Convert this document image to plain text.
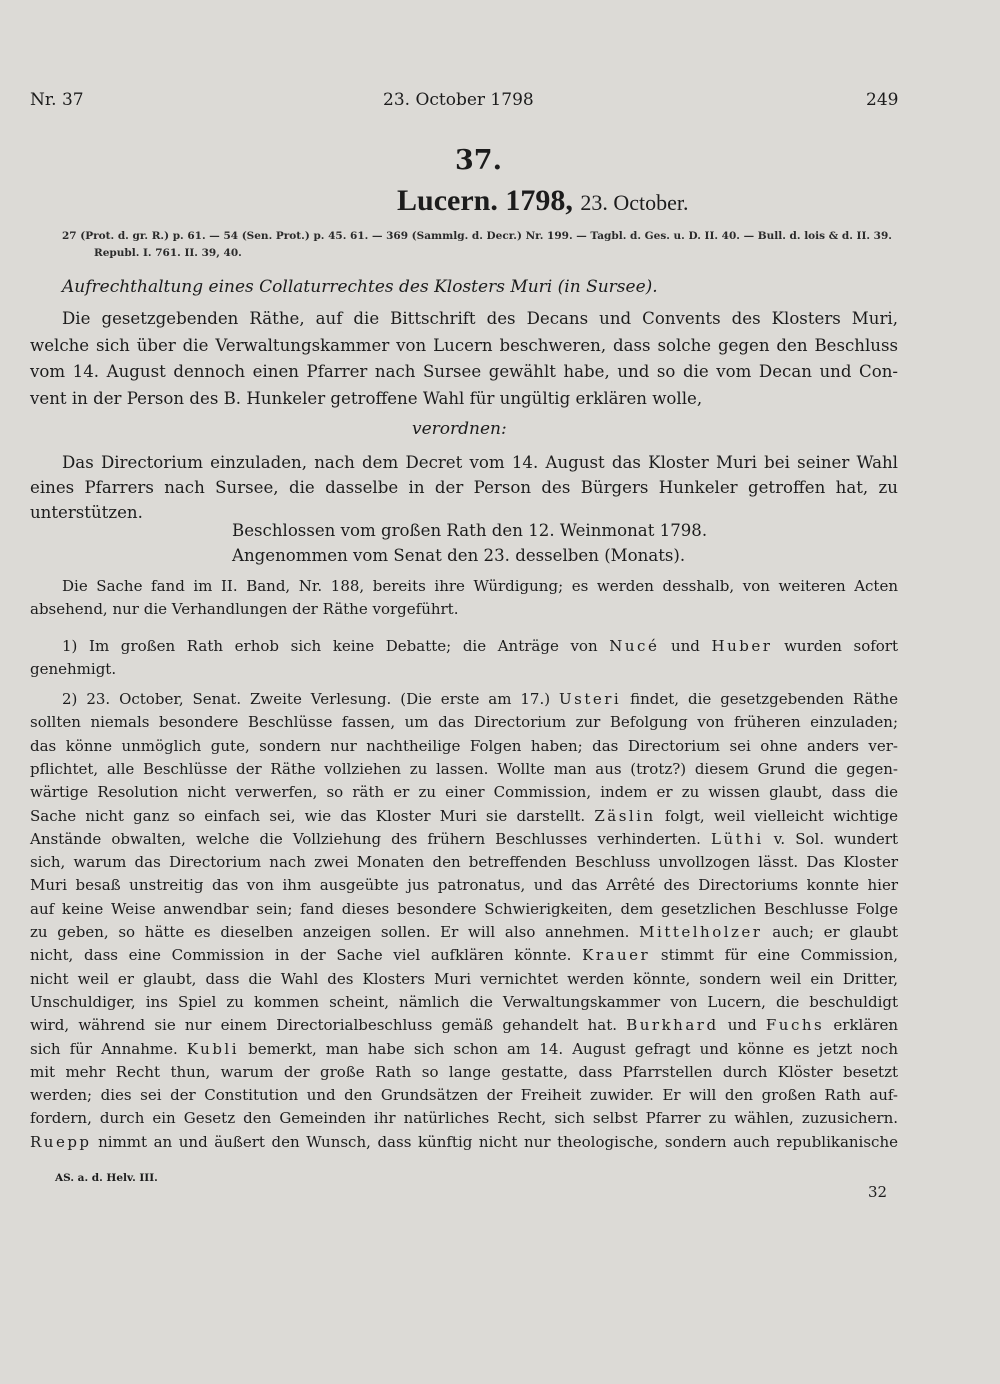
Nr. 37	23. October 1798	249
37.
Lucern. 1798, 23. October.
27 (Prot. d. gr. R.) p. 61. — 54 (Sen. Prot.) p. 45. 61. — 369 (Sammlg. d. Decr.) Nr. 199. — Tagbl. d. Ges. u. D. II. 40. — Bull. d. lois & d. II. 39.
Republ. I. 761. II. 39, 40.
Aufrechthaltung eines Collaturrechtes des Klosters Muri (in Sursee).
Die gesetzgebenden Räthe, auf die Bittschrift des Decans und Convents des Klosters Muri,
welche sich über die Verwaltungskammer von Lucern beschweren, dass solche gegen den Beschluss
vom 14. August dennoch einen Pfarrer nach Sursee gewählt habe, und so die vom Decan und Con-
vent in der Person des B. Hunkeler getroffene Wahl für ungültig erklären wolle,
verordnen:
Das Directorium einzuladen, nach dem Decret vom 14. August das Kloster Muri bei seiner Wahl
eines Pfarrers nach Sursee, die dasselbe in der Person des Bürgers Hunkeler getroffen hat, zu
unterstützen.
Beschlossen vom großen Rath den 12. Weinmonat 1798.
Angenommen vom Senat den 23. desselben (Monats).
Die Sache fand im II. Band, Nr. 188, bereits ihre Würdigung; es werden desshalb, von weiteren Acten
absehend, nur die Verhandlungen der Räthe vorgeführt.
1) Im großen Rath erhob sich keine Debatte; die Anträge von Nucé und Huber wurden sofort
genehmigt.
2) 23. October, Senat. Zweite Verlesung. (Die erste am 17.) Usteri findet, die gesetzgebenden Räthe
sollten niemals besondere Beschlüsse fassen, um das Directorium zur Befolgung von früheren einzuladen;
das könne unmöglich gute, sondern nur nachtheilige Folgen haben; das Directorium sei ohne anders ver-
pflichtet, alle Beschlüsse der Räthe vollziehen zu lassen. Wollte man aus (trotz?) diesem Grund die gegen-
wärtige Resolution nicht verwerfen, so räth er zu einer Commission, indem er zu wissen glaubt, dass die
Sache nicht ganz so einfach sei, wie das Kloster Muri sie darstellt. Zäslin folgt, weil vielleicht wichtige
Anstände obwalten, welche die Vollziehung des frühern Beschlusses verhinderten. Lüthi v. Sol. wundert
sich, warum das Directorium nach zwei Monaten den betreffenden Beschluss unvollzogen lässt. Das Kloster
Muri besaß unstreitig das von ihm ausgeübte jus patronatus, und das Arrêté des Directoriums konnte hier
auf keine Weise anwendbar sein; fand dieses besondere Schwierigkeiten, dem gesetzlichen Beschlusse Folge
zu geben, so hätte es dieselben anzeigen sollen. Er will also annehmen. Mittelholzer auch; er glaubt
nicht, dass eine Commission in der Sache viel aufklären könnte. Krauer stimmt für eine Commission,
nicht weil er glaubt, dass die Wahl des Klosters Muri vernichtet werden könnte, sondern weil ein Dritter,
Unschuldiger, ins Spiel zu kommen scheint, nämlich die Verwaltungskammer von Lucern, die beschuldigt
wird, während sie nur einem Directorialbeschluss gemäß gehandelt hat. Burkhard und Fuchs erklären
sich für Annahme. Kubli bemerkt, man habe sich schon am 14. August gefragt und könne es jetzt noch
mit mehr Recht thun, warum der große Rath so lange gestatte, dass Pfarrstellen durch Klöster besetzt
werden; dies sei der Constitution und den Grundsätzen der Freiheit zuwider. Er will den großen Rath auf-
fordern, durch ein Gesetz den Gemeinden ihr natürliches Recht, sich selbst Pfarrer zu wählen, zuzusichern.
Ruepp nimmt an und äußert den Wunsch, dass künftig nicht nur theologische, sondern auch republikanische
AS. a. d. Helv. III.
32
